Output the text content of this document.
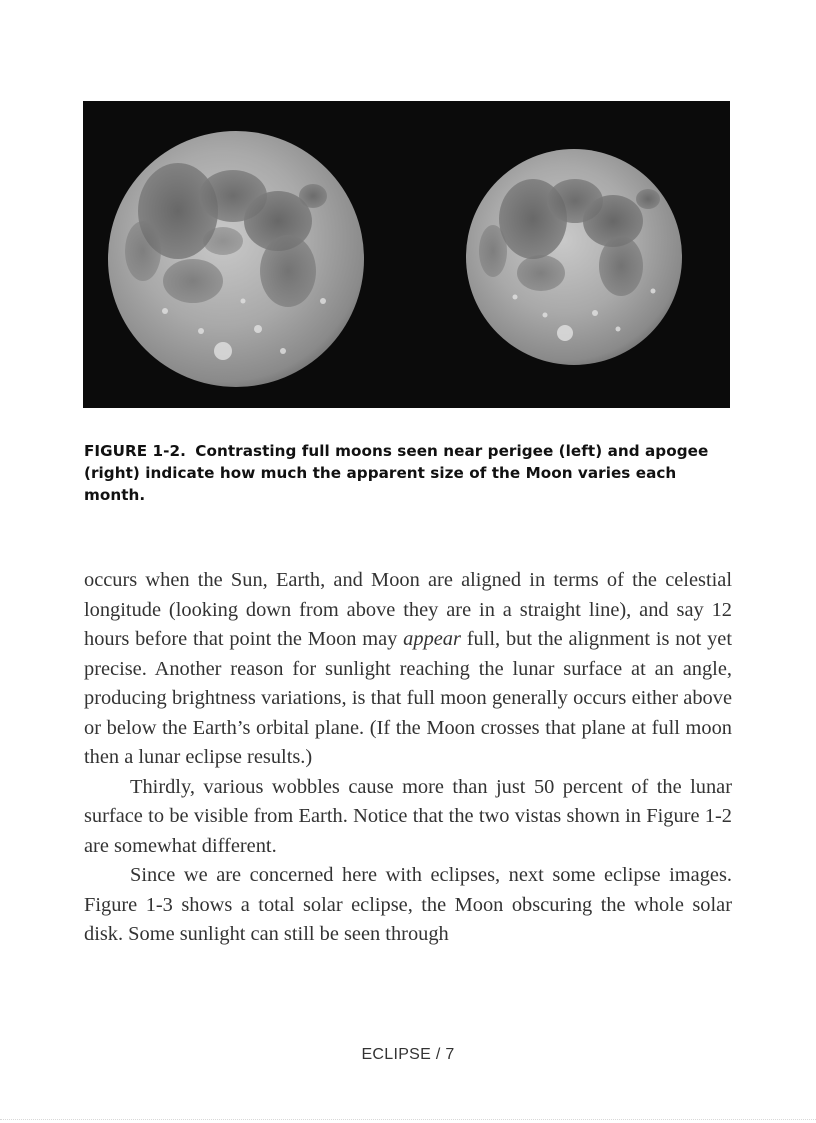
FIGURE 1-2. Contrasting full moons seen near perigee (left) and apogee (right) indicate how much the apparent size of the Moon varies each month.

occurs when the Sun, Earth, and Moon are aligned in terms of the celestial longitude (looking down from above they are in a straight line), and say 12 hours before that point the Moon may appear full, but the alignment is not yet precise. Another reason for sunlight reaching the lunar surface at an angle, producing brightness variations, is that full moon generally occurs either above or below the Earth’s orbital plane. (If the Moon crosses that plane at full moon then a lunar eclipse results.)

Thirdly, various wobbles cause more than just 50 percent of the lunar surface to be visible from Earth. Notice that the two vistas shown in Figure 1-2 are somewhat different.

Since we are concerned here with eclipses, next some eclipse images. Figure 1-3 shows a total solar eclipse, the Moon obscuring the whole solar disk. Some sunlight can still be seen through

ECLIPSE / 7
